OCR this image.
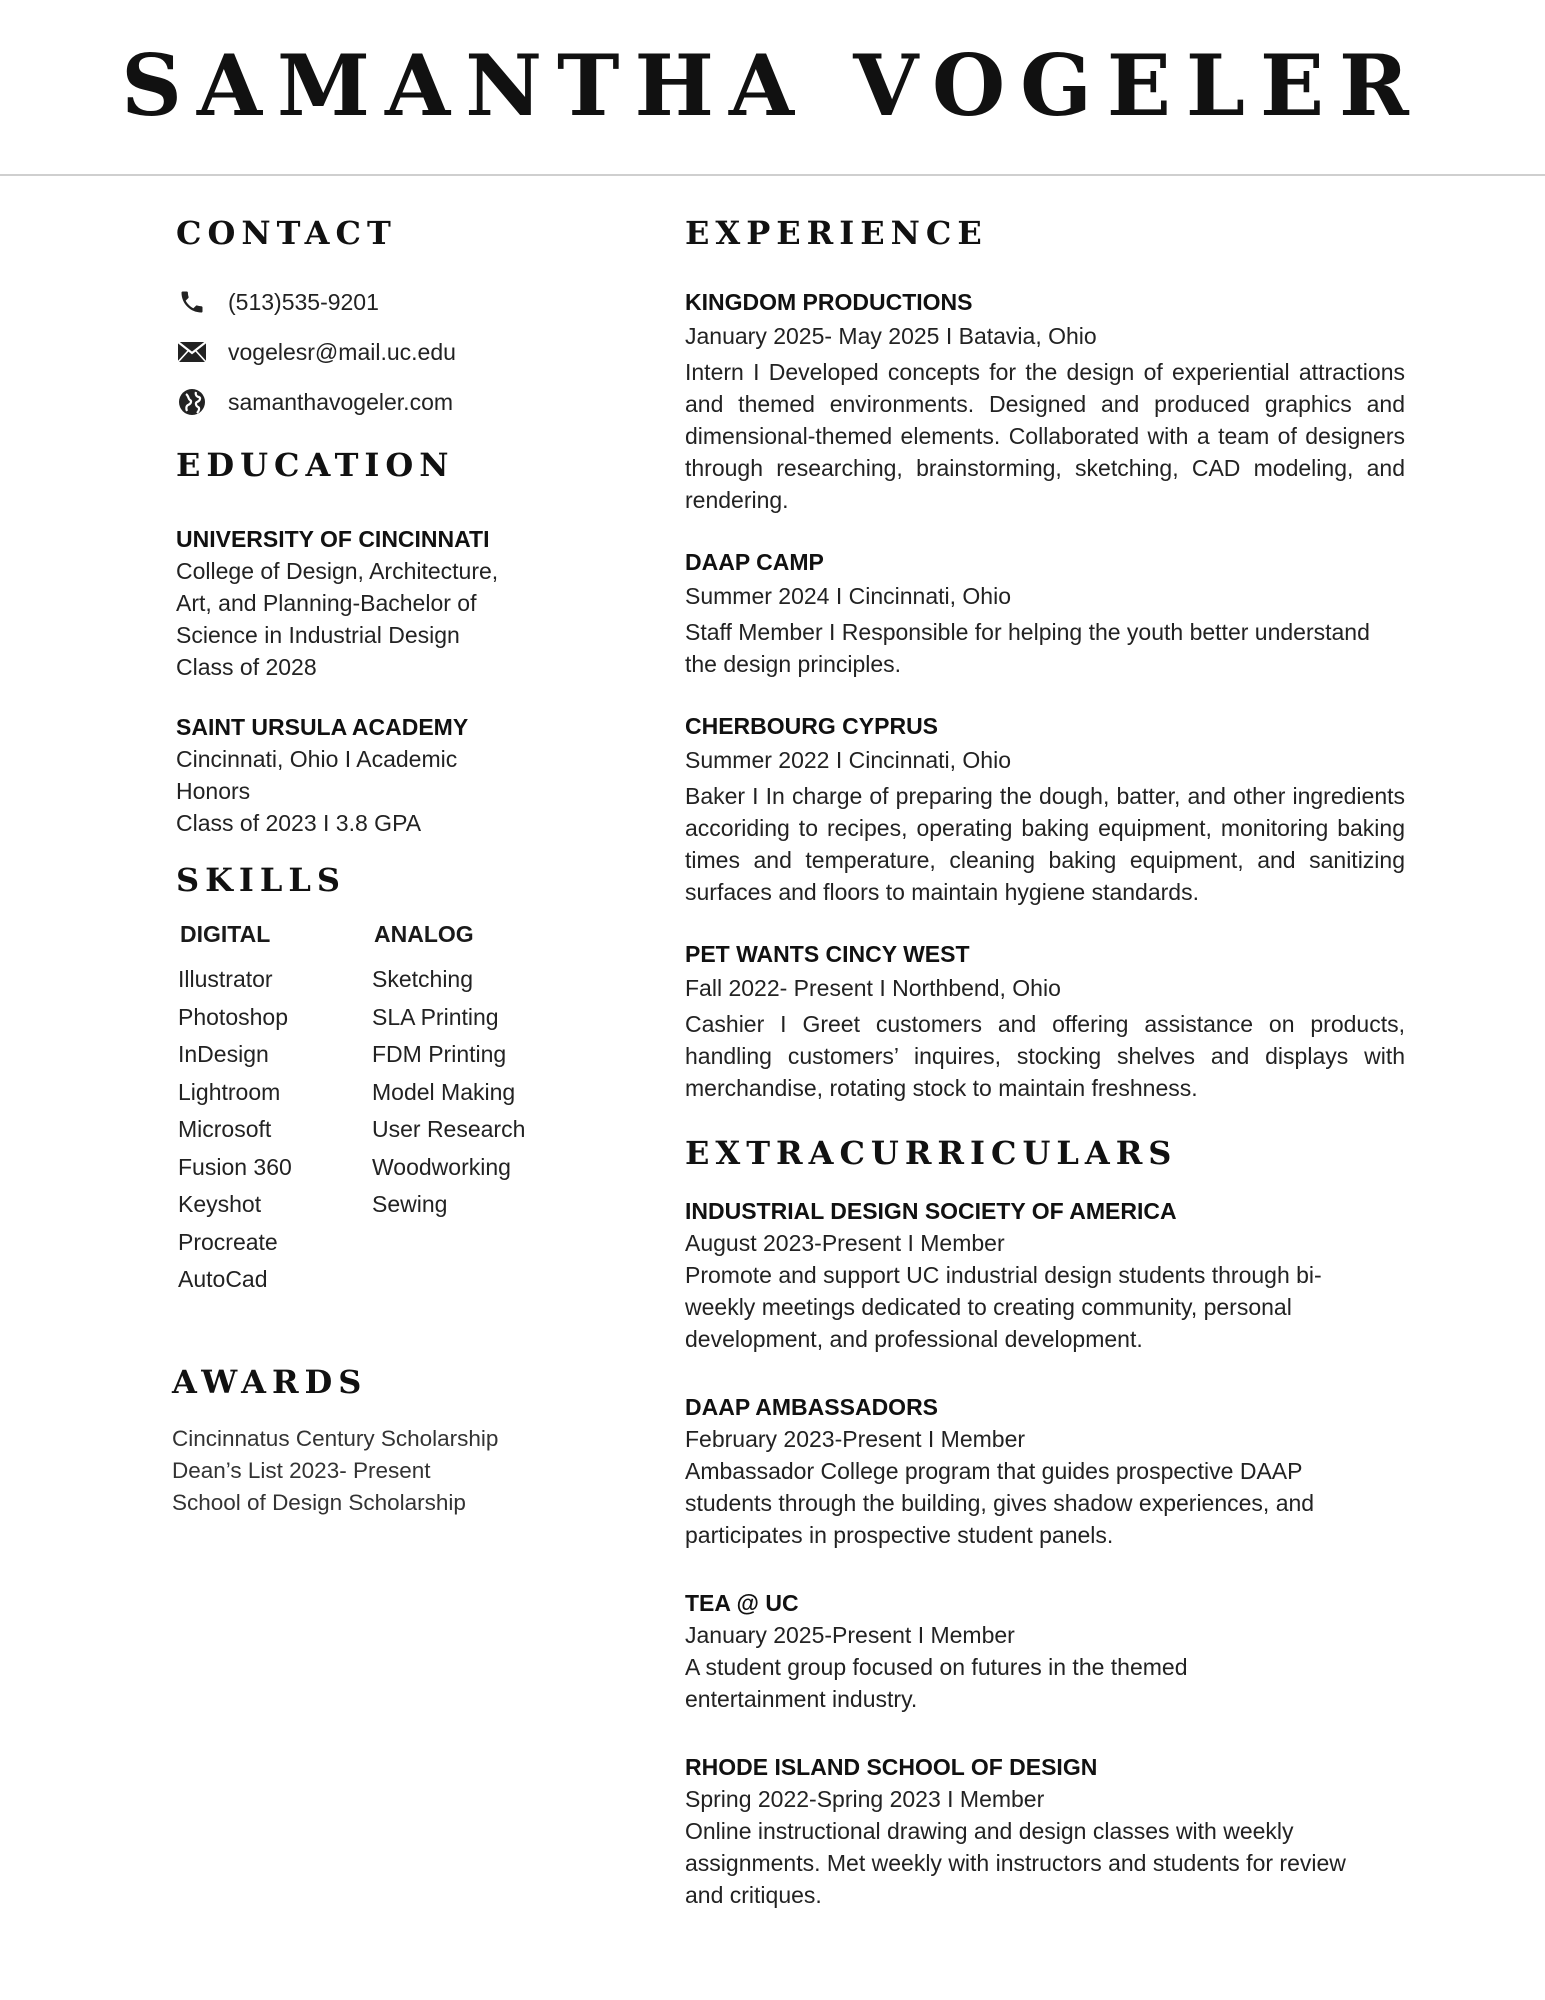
SAMANTHA VOGELER
CONTACT
(513)535-9201
vogelesr@mail.uc.edu
samanthavogeler.com
EDUCATION
UNIVERSITY OF CINCINNATI
College of Design, Architecture,
Art, and Planning-Bachelor of
Science in Industrial Design
Class of 2028
SAINT URSULA ACADEMY
Cincinnati, Ohio I Academic
Honors
Class of 2023 I 3.8 GPA
SKILLS
DIGITAL
Illustrator
Photoshop
InDesign
Lightroom
Microsoft
Fusion 360
Keyshot
Procreate
AutoCad
ANALOG
Sketching
SLA Printing
FDM Printing
Model Making
User Research
Woodworking
Sewing
AWARDS
Cincinnatus Century Scholarship
Dean’s List 2023- Present
School of Design Scholarship
EXPERIENCE
KINGDOM PRODUCTIONS
January 2025- May 2025 I Batavia, Ohio
Intern I Developed concepts for the design of experiential attractions and themed environments. Designed and produced graphics and dimensional-themed elements. Collaborated with a team of designers through researching, brainstorming, sketching, CAD modeling, and rendering.
DAAP CAMP
Summer 2024 I Cincinnati, Ohio
Staff Member I Responsible for helping the youth better understand the design principles.
CHERBOURG CYPRUS
Summer 2022 I Cincinnati, Ohio
Baker I In charge of preparing the dough, batter, and other ingredients accoriding to recipes, operating baking equipment, monitoring baking times and temperature, cleaning baking equipment, and sanitizing surfaces and floors to maintain hygiene standards.
PET WANTS CINCY WEST
Fall 2022- Present I Northbend, Ohio
Cashier I Greet customers and offering assistance on products, handling customers’ inquires, stocking shelves and displays with merchandise, rotating stock to maintain freshness.
EXTRACURRICULARS
INDUSTRIAL DESIGN SOCIETY OF AMERICA
August 2023-Present I Member
Promote and support UC industrial design students through bi-
weekly meetings dedicated to creating community, personal
development, and professional development.
DAAP AMBASSADORS
February 2023-Present I Member
Ambassador College program that guides prospective DAAP
students through the building, gives shadow experiences, and
participates in prospective student panels.
TEA @ UC
January 2025-Present I Member
A student group focused on futures in the themed
entertainment industry.
RHODE ISLAND SCHOOL OF DESIGN
Spring 2022-Spring 2023 I Member
Online instructional drawing and design classes with weekly
assignments. Met weekly with instructors and students for review
and critiques.
